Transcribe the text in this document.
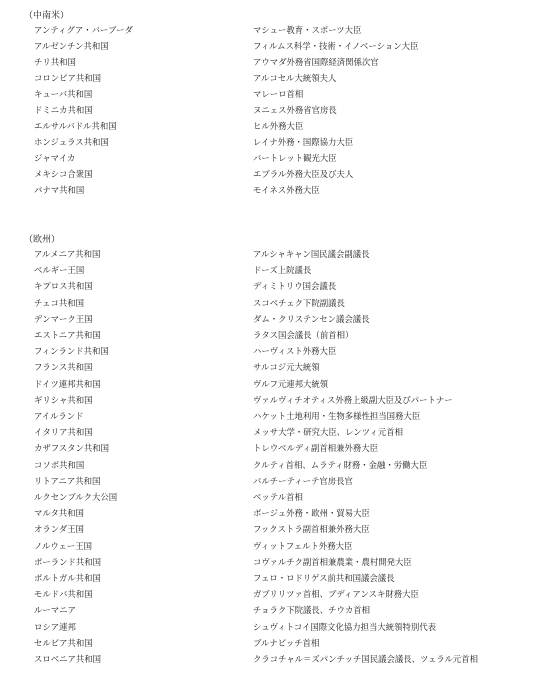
（中南米）
アンティグア・バーブーダ	マシュー教育・スポーツ大臣
アルゼンチン共和国	フィルムス科学・技術・イノベーション大臣
チリ共和国	アウマダ外務省国際経済関係次官
コロンビア共和国	アルコセル大統領夫人
キューバ共和国	マレーロ首相
ドミニカ共和国	ヌニェス外務省官房長
エルサルバドル共和国	ヒル外務大臣
ホンジュラス共和国	レイナ外務・国際協力大臣
ジャマイカ	バートレット観光大臣
メキシコ合衆国	エブラル外務大臣及び夫人
パナマ共和国	モイネス外務大臣
（欧州）
アルメニア共和国	アルシャキャン国民議会副議長
ベルギー王国	ドーズ上院議長
キプロス共和国	ディミトリウ国会議長
チェコ共和国	スコペチェク下院副議長
デンマーク王国	ダム・クリステンセン議会議長
エストニア共和国	ラタス国会議長（前首相）
フィンランド共和国	ハーヴィスト外務大臣
フランス共和国	サルコジ元大統領
ドイツ連邦共和国	ヴルフ元連邦大統領
ギリシャ共和国	ヴァルヴィチオティス外務上級副大臣及びパートナー
アイルランド	ハケット土地利用・生物多様性担当国務大臣
イタリア共和国	メッサ大学・研究大臣、レンツィ元首相
カザフスタン共和国	トレウベルディ副首相兼外務大臣
コソボ共和国	クルティ首相、ムラティ財務・金融・労働大臣
リトアニア共和国	バルチーティーテ官房長官
ルクセンブルク大公国	ベッテル首相
マルタ共和国	ボージュ外務・欧州・貿易大臣
オランダ王国	フックストラ副首相兼外務大臣
ノルウェー王国	ヴィットフェルト外務大臣
ポーランド共和国	コヴァルチク副首相兼農業・農村開発大臣
ポルトガル共和国	フェロ・ロドリゲス前共和国議会議長
モルドバ共和国	ガブリリツァ首相、ブディアンスキ財務大臣
ルーマニア	チョラク下院議長、チウカ首相
ロシア連邦	シュヴィトコイ国際文化協力担当大統領特別代表
セルビア共和国	ブルナビッチ首相
スロベニア共和国	クラコチャル＝ズパンチッチ国民議会議長、ツェラル元首相
